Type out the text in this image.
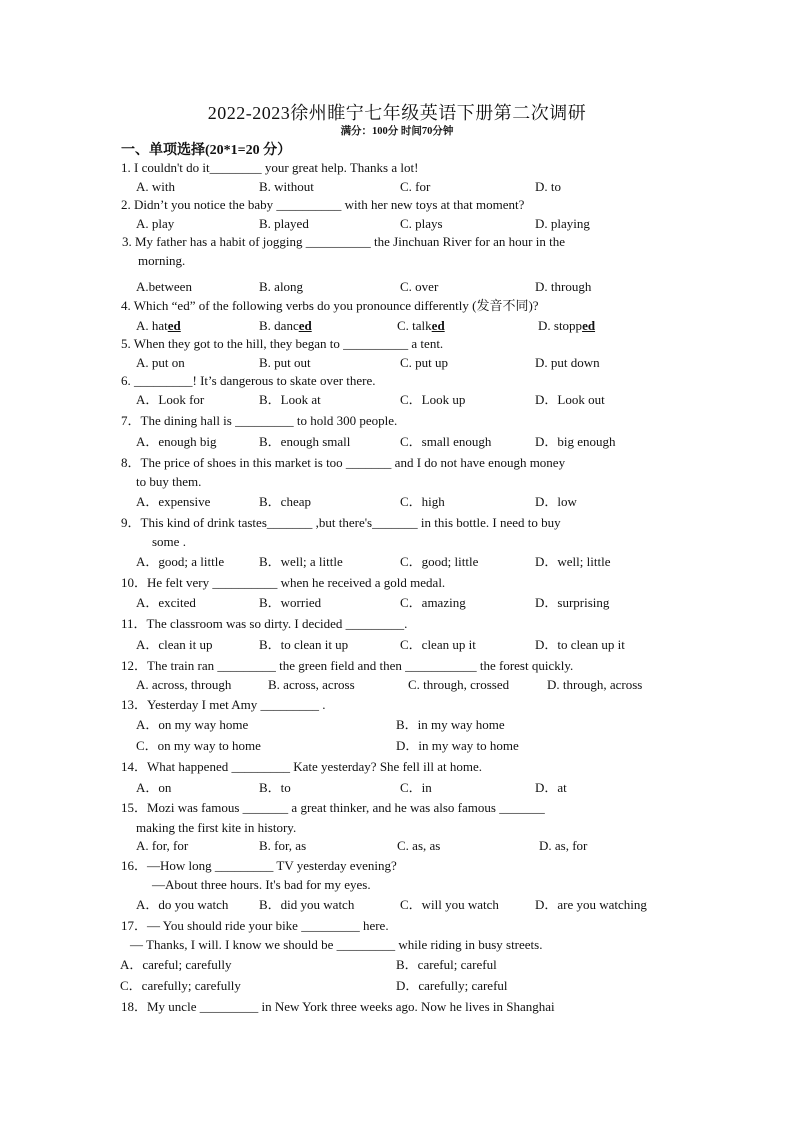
2022-2023徐州睢宁七年级英语下册第二次调研
满分：100分 时间70分钟
一、单项选择(20*1=20 分）
1. I couldn't do it________ your great help. Thanks a lot!
A. with	B. without	C. for	D. to
2. Didn’t you notice the baby __________ with her new toys at that moment?
A. play	B. played	C. plays	D. playing
3. My father has a habit of jogging __________ the Jinchuan River for an hour in the
morning.
A.between	B. along	C. over	D. through
4. Which “ed” of the following verbs do you pronounce differently (发音不同)?
A. hated	B. danced	C. talked	D. stopped
5. When they got to the hill, they began to __________ a tent.
A. put on	B. put out	C. put up	D. put down
6. _________! It’s dangerous to skate over there.
A．Look for	B．Look at	C．Look up	D．Look out
7．The dining hall is _________ to hold 300 people.
A．enough big	B．enough small	C．small enough	D．big enough
8．The price of shoes in this market is too _______ and I do not have enough money
to buy them.
A．expensive	B．cheap	C．high	D．low
9．This kind of drink tastes_______ ,but there's_______ in this bottle. I need to buy
some .
A．good; a little	B．well; a little	C．good; little	D．well; little
10．He felt very __________ when he received a gold medal.
A．excited	B．worried	C．amazing	D．surprising
11．The classroom was so dirty. I decided _________.
A．clean it up	B．to clean it up	C．clean up it	D．to clean up it
12．The train ran _________ the green field and then ___________ the forest quickly.
A. across, through	B. across, across	C. through, crossed	D. through, across
13．Yesterday I met Amy _________ .
A．on my way home	B．in my way home
C．on my way to home	D．in my way to home
14．What happened _________ Kate yesterday? She fell ill at home.
A．on	B．to	C．in	D．at
15．Mozi was famous _______ a great thinker, and he was also famous _______
making the first kite in history.
A. for, for	B. for, as	C. as, as	D. as, for
16．—How long _________ TV yesterday evening?
—About three hours. It's bad for my eyes.
A．do you watch B．did you watch	C．will you watch	D．are you watching
17．— You should ride your bike _________ here.
— Thanks, I will. I know we should be _________ while riding in busy streets.
A．careful; carefully	B．careful; careful
C．carefully; carefully	D．carefully; careful
18．My uncle _________ in New York three weeks ago. Now he lives in Shanghai
